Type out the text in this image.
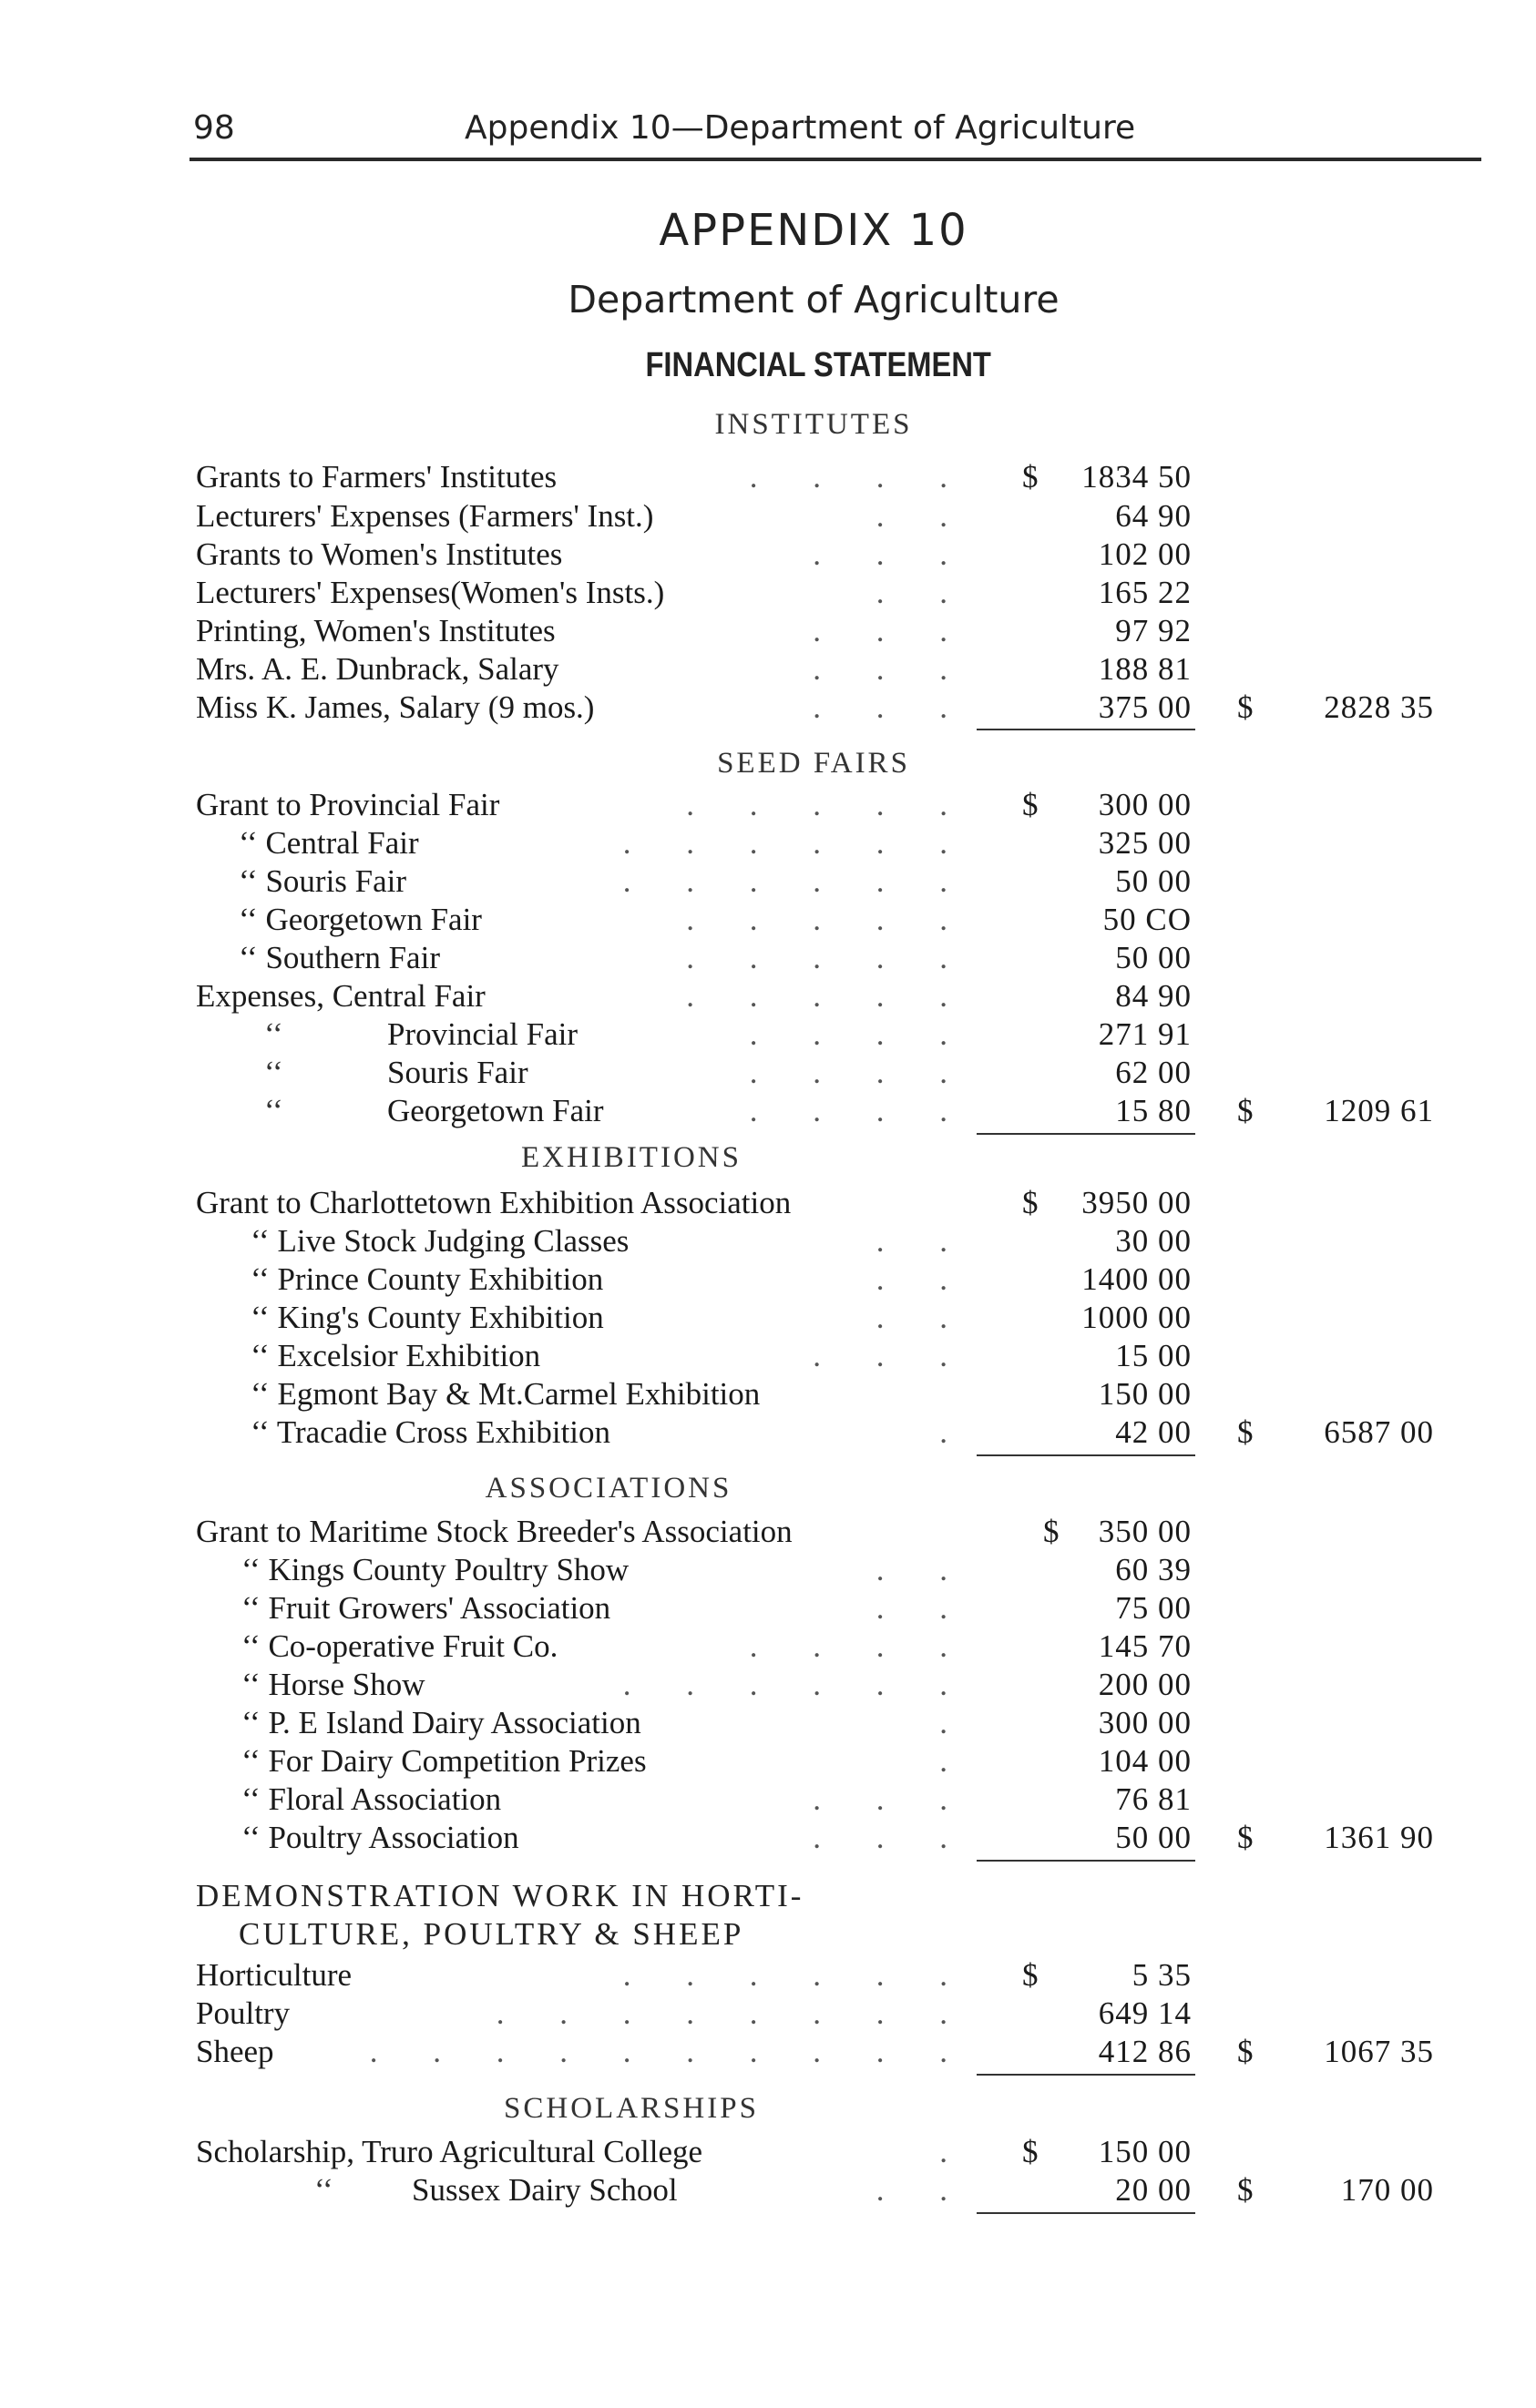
98	Appendix 10—Department of Agriculture
APPENDIX 10
Department of Agriculture
FINANCIAL STATEMENT
INSTITUTES
Grants to Farmers' Institutes	. . . . $ 1834 50
Lecturers' Expenses (Farmers' Inst.)	. .	64 90
Grants to Women's Institutes	. . .	102 00
Lecturers' Expenses(Women's Insts.)	. .	165 22
Printing, Women's Institutes	. . .	97 92
Mrs. A. E. Dunbrack, Salary	. . .	188 81
Miss K. James, Salary (9 mos.)	. . .	375 00 $ 2828 35
SEED FAIRS
Grant to Provincial Fair	. . . . . $ 300 00
‘‘ Central Fair	. . . . . .	325 00
‘‘ Souris Fair	. . . . . .	50 00
‘‘ Georgetown Fair	. . . . .	50 CO
‘‘ Southern Fair	. . . . .	50 00
Expenses, Central Fair	. . . . .	84 90
‘‘	Provincial Fair	. . . .	271 91
‘‘	Souris Fair	. . . .	62 00
‘‘	Georgetown Fair	. . . .	15 80 $ 1209 61
EXHIBITIONS
Grant to Charlottetown Exhibition Association	$ 3950 00
‘‘ Live Stock Judging Classes	. .	30 00
‘‘ Prince County Exhibition	. .	1400 00
‘‘ King's County Exhibition	. .	1000 00
‘‘ Excelsior Exhibition	. . .	15 00
‘‘ Egmont Bay & Mt.Carmel Exhibition	150 00
‘‘ Tracadie Cross Exhibition	.	42 00 $ 6587 00
ASSOCIATIONS
Grant to Maritime Stock Breeder's Association	$ 350 00
‘‘ Kings County Poultry Show	. .	60 39
‘‘ Fruit Growers' Association	. .	75 00
‘‘ Co-operative Fruit Co.	. . . .	145 70
‘‘ Horse Show	. . . . . .	200 00
‘‘ P. E Island Dairy Association	.	300 00
‘‘ For Dairy Competition Prizes	.	104 00
‘‘ Floral Association	. . .	76 81
‘‘ Poultry Association	. . .	50 00 $ 1361 90
DEMONSTRATION WORK IN HORTI-
CULTURE, POULTRY & SHEEP
Horticulture	. . . . . . $	5 35
Poultry	. . . . . . . .	649 14
Sheep	. . . . . . . . . .	412 86 $ 1067 35
SCHOLARSHIPS
Scholarship, Truro Agricultural College	. $ 150 00
‘‘ Sussex Dairy School	. .	20 00 $	170 00
